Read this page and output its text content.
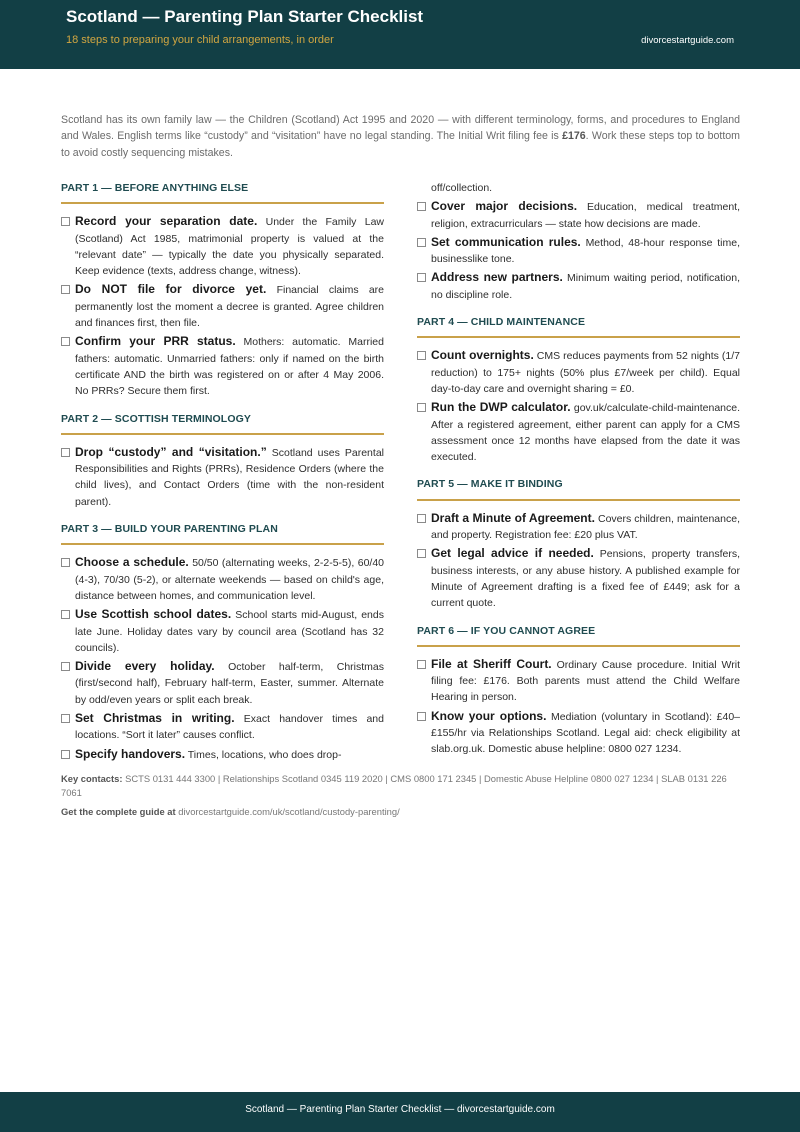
Scotland — Parenting Plan Starter Checklist
18 steps to preparing your child arrangements, in order	divorcestartguide.com
Scotland has its own family law — the Children (Scotland) Act 1995 and 2020 — with different terminology, forms, and procedures to England and Wales. English terms like “custody” and “visitation” have no legal standing. The Initial Writ filing fee is £176. Work these steps top to bottom to avoid costly sequencing mistakes.
PART 1 — BEFORE ANYTHING ELSE
Record your separation date. Under the Family Law (Scotland) Act 1985, matrimonial property is valued at the “relevant date” — typically the date you physically separated. Keep evidence (texts, address change, witness).
Do NOT file for divorce yet. Financial claims are permanently lost the moment a decree is granted. Agree children and finances first, then file.
Confirm your PRR status. Mothers: automatic. Married fathers: automatic. Unmarried fathers: only if named on the birth certificate AND the birth was registered on or after 4 May 2006. No PRRs? Secure them first.
PART 2 — SCOTTISH TERMINOLOGY
Drop “custody” and “visitation.” Scotland uses Parental Responsibilities and Rights (PRRs), Residence Orders (where the child lives), and Contact Orders (time with the non-resident parent).
PART 3 — BUILD YOUR PARENTING PLAN
Choose a schedule. 50/50 (alternating weeks, 2-2-5-5), 60/40 (4-3), 70/30 (5-2), or alternate weekends — based on child's age, distance between homes, and communication level.
Use Scottish school dates. School starts mid-August, ends late June. Holiday dates vary by council area (Scotland has 32 councils).
Divide every holiday. October half-term, Christmas (first/second half), February half-term, Easter, summer. Alternate by odd/even years or split each break.
Set Christmas in writing. Exact handover times and locations. “Sort it later” causes conflict.
Specify handovers. Times, locations, who does drop-
off/collection.
Cover major decisions. Education, medical treatment, religion, extracurriculars — state how decisions are made.
Set communication rules. Method, 48-hour response time, businesslike tone.
Address new partners. Minimum waiting period, notification, no discipline role.
PART 4 — CHILD MAINTENANCE
Count overnights. CMS reduces payments from 52 nights (1/7 reduction) to 175+ nights (50% plus £7/week per child). Equal day-to-day care and overnight sharing = £0.
Run the DWP calculator. gov.uk/calculate-child-maintenance. After a registered agreement, either parent can apply for a CMS assessment once 12 months have elapsed from the date it was executed.
PART 5 — MAKE IT BINDING
Draft a Minute of Agreement. Covers children, maintenance, and property. Registration fee: £20 plus VAT.
Get legal advice if needed. Pensions, property transfers, business interests, or any abuse history. A published example for Minute of Agreement drafting is a fixed fee of £449; ask for a current quote.
PART 6 — IF YOU CANNOT AGREE
File at Sheriff Court. Ordinary Cause procedure. Initial Writ filing fee: £176. Both parents must attend the Child Welfare Hearing in person.
Know your options. Mediation (voluntary in Scotland): £40–£155/hr via Relationships Scotland. Legal aid: check eligibility at slab.org.uk. Domestic abuse helpline: 0800 027 1234.
Key contacts: SCTS 0131 444 3300 | Relationships Scotland 0345 119 2020 | CMS 0800 171 2345 | Domestic Abuse Helpline 0800 027 1234 | SLAB 0131 226 7061
Get the complete guide at divorcestartguide.com/uk/scotland/custody-parenting/
Scotland — Parenting Plan Starter Checklist — divorcestartguide.com
